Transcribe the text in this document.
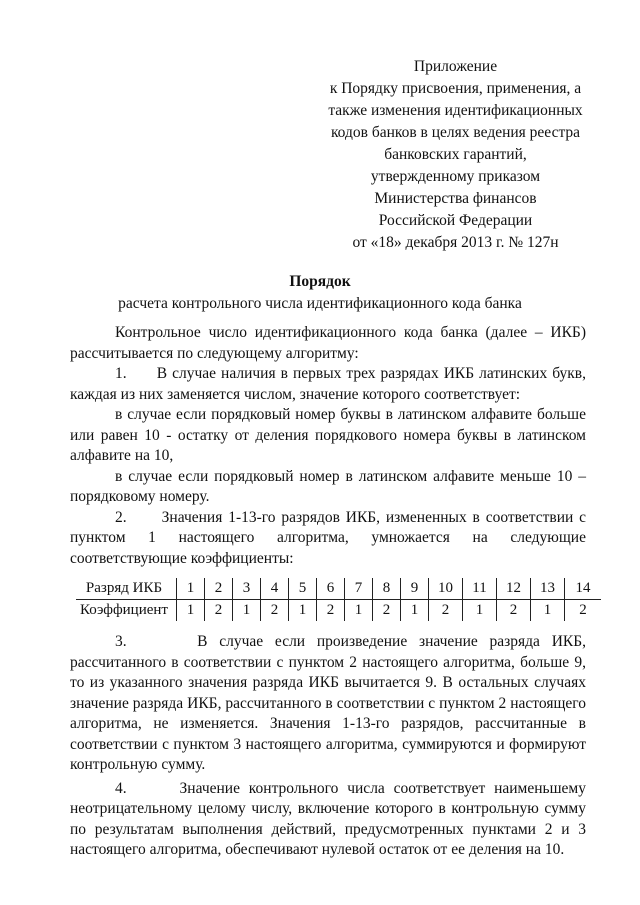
Приложение
к Порядку присвоения, применения, а
также изменения идентификационных
кодов банков в целях ведения реестра
банковских гарантий,
утвержденному приказом
Министерства финансов
Российской Федерации
от «18» декабря 2013 г. № 127н
Порядок
расчета контрольного числа идентификационного кода банка

Контрольное число идентификационного кода банка (далее – ИКБ) рассчитывается по следующему алгоритму:

1.      В случае наличия в первых трех разрядах ИКБ латинских букв, каждая из них заменяется числом, значение которого соответствует:

в случае если порядковый номер буквы в латинском алфавите больше или равен 10 - остатку от деления порядкового номера буквы в латинском алфавите на 10,

в случае если порядковый номер в латинском алфавите меньше 10 – порядковому номеру.

2.      Значения 1-13-го разрядов ИКБ, измененных в соответствии с пунктом 1 настоящего алгоритма, умножается на следующие соответствующие коэффициенты:

Разряд ИКБ	1	2	3	4	5	6	7	8	9	10	11	12	13	14
Коэффициент	1	2	1	2	1	2	1	2	1	2	1	2	1	2

3.      В случае если произведение значение разряда ИКБ, рассчитанного в соответствии с пунктом 2 настоящего алгоритма, больше 9, то из указанного значения разряда ИКБ вычитается 9. В остальных случаях значение разряда ИКБ, рассчитанного в соответствии с пунктом 2 настоящего алгоритма, не изменяется. Значения 1-13-го разрядов, рассчитанные в соответствии с пунктом 3 настоящего алгоритма, суммируются и формируют контрольную сумму.

4.      Значение контрольного числа соответствует наименьшему неотрицательному целому числу, включение которого в контрольную сумму по результатам выполнения действий, предусмотренных пунктами 2 и 3 настоящего алгоритма, обеспечивают нулевой остаток от ее деления на 10.
